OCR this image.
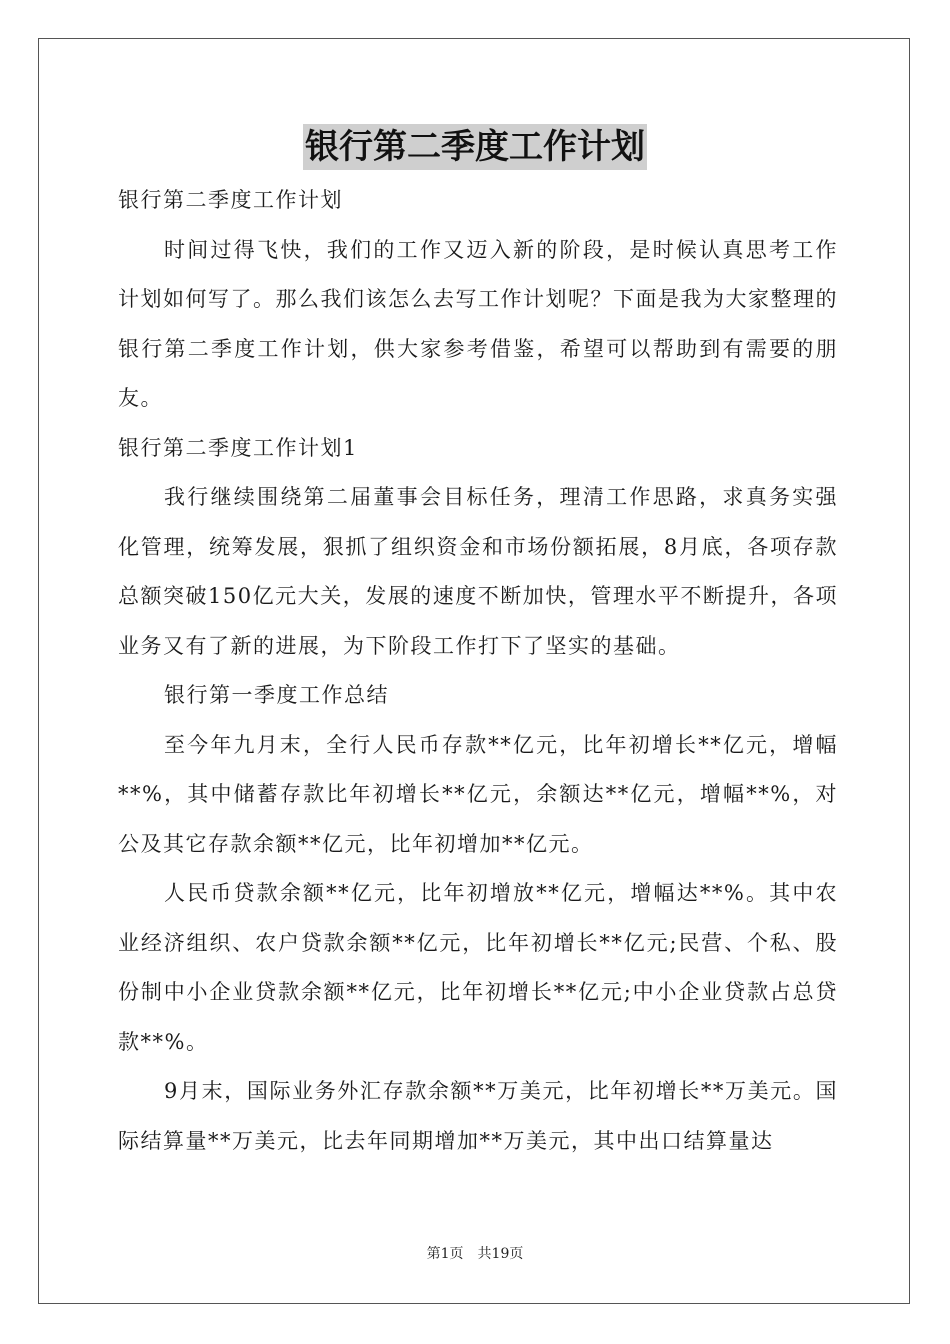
银行第二季度工作计划

银行第二季度工作计划

时间过得飞快，我们的工作又迈入新的阶段，是时候认真思考工作计划如何写了。那么我们该怎么去写工作计划呢？下面是我为大家整理的银行第二季度工作计划，供大家参考借鉴，希望可以帮助到有需要的朋友。

银行第二季度工作计划1

我行继续围绕第二届董事会目标任务，理清工作思路，求真务实强化管理，统筹发展，狠抓了组织资金和市场份额拓展，8月底，各项存款总额突破150亿元大关，发展的速度不断加快，管理水平不断提升，各项业务又有了新的进展，为下阶段工作打下了坚实的基础。

银行第一季度工作总结

至今年九月末，全行人民币存款**亿元，比年初增长**亿元，增幅**%，其中储蓄存款比年初增长**亿元，余额达**亿元，增幅**%，对公及其它存款余额**亿元，比年初增加**亿元。

人民币贷款余额**亿元，比年初增放**亿元，增幅达**%。其中农业经济组织、农户贷款余额**亿元，比年初增长**亿元;民营、个私、股份制中小企业贷款余额**亿元，比年初增长**亿元;中小企业贷款占总贷款**%。

9月末，国际业务外汇存款余额**万美元，比年初增长**万美元。国际结算量**万美元，比去年同期增加**万美元，其中出口结算量达

第1页 共19页
